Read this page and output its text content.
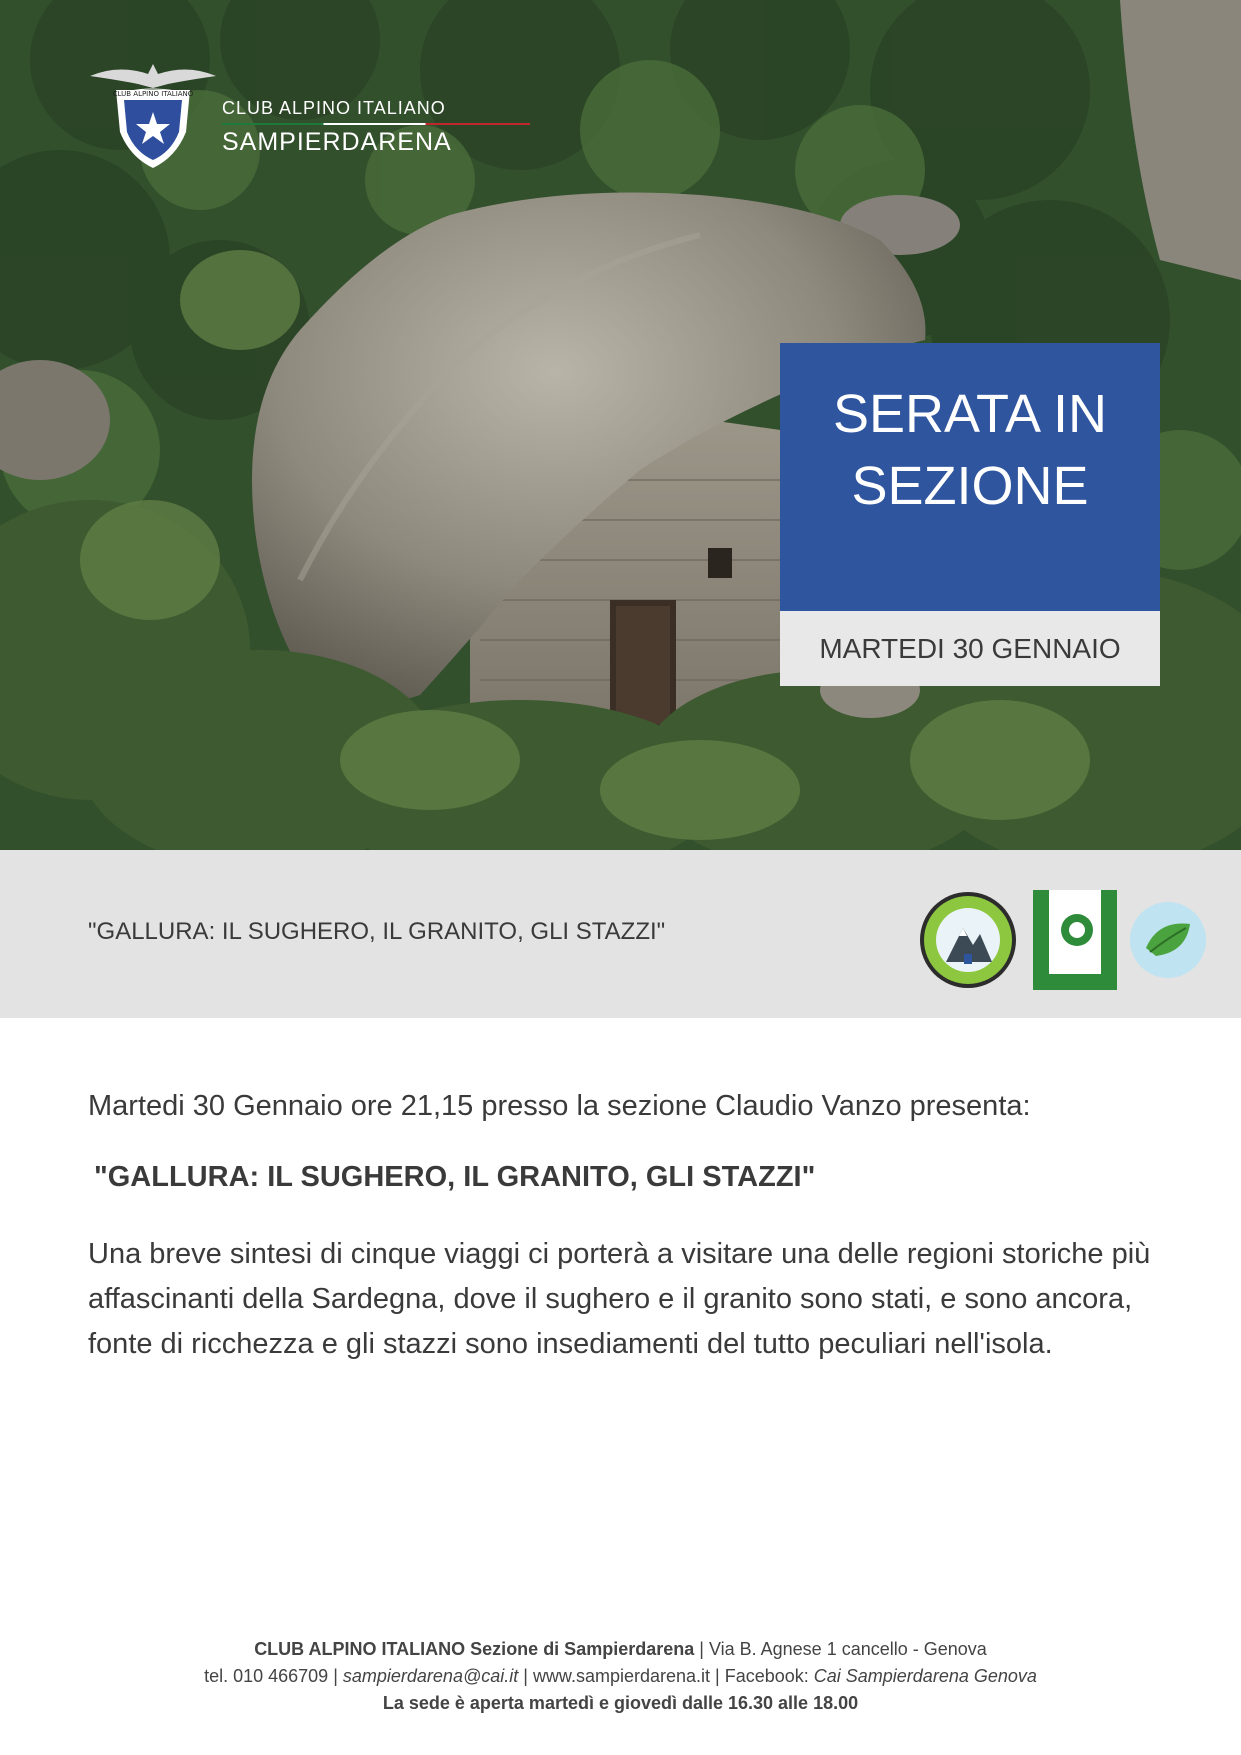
CLUB ALPINO ITALIANO
CLUB ALPINO ITALIANO
SAMPIERDARENA
SERATA IN
SEZIONE
MARTEDI 30 GENNAIO
"GALLURA: IL SUGHERO, IL GRANITO, GLI STAZZI"

Martedi 30 Gennaio ore 21,15 presso la sezione Claudio Vanzo presenta:

"GALLURA: IL SUGHERO, IL GRANITO, GLI STAZZI"

Una breve sintesi di cinque viaggi ci porterà a visitare una delle regioni storiche più affascinanti della Sardegna, dove il sughero e il granito sono stati, e sono ancora, fonte di ricchezza e gli stazzi sono insediamenti del tutto peculiari nell'isola.

CLUB ALPINO ITALIANO Sezione di Sampierdarena | Via B. Agnese 1 cancello - Genova
tel. 010 466709 | sampierdarena@cai.it | www.sampierdarena.it | Facebook: Cai Sampierdarena Genova
La sede è aperta martedì e giovedì dalle 16.30 alle 18.00
